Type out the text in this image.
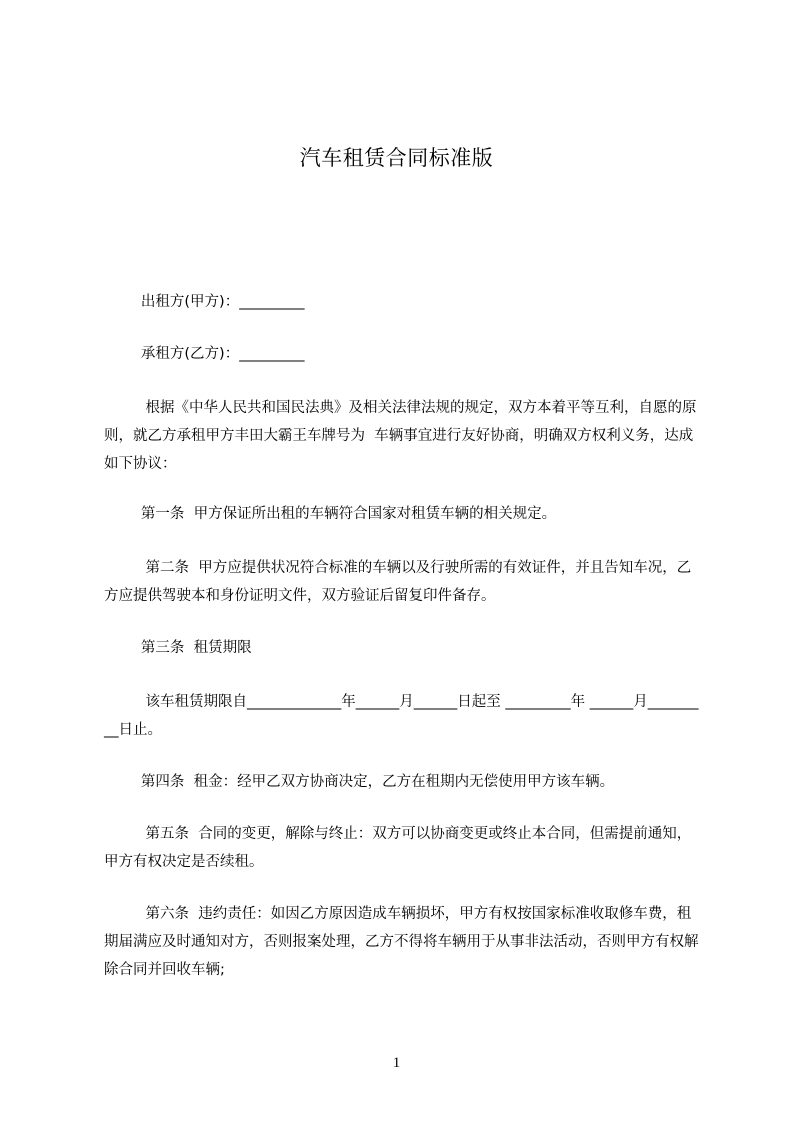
汽车租赁合同标准版
出租方(甲方)：_________
承租方(乙方)：_________
根据《中华人民共和国民法典》及相关法律法规的规定，双方本着平等互利，自愿的原则，就乙方承租甲方丰田大霸王车牌号为  车辆事宜进行友好协商，明确双方权利义务，达成如下协议：
第一条  甲方保证所出租的车辆符合国家对租赁车辆的相关规定。
第二条  甲方应提供状况符合标准的车辆以及行驶所需的有效证件，并且告知车况，乙方应提供驾驶本和身份证明文件，双方验证后留复印件备存。
第三条  租赁期限
该车租赁期限自_____________年______月______日起至 _________年 ______月_________日止。
第四条  租金：经甲乙双方协商决定，乙方在租期内无偿使用甲方该车辆。
第五条  合同的变更，解除与终止：双方可以协商变更或终止本合同，但需提前通知，甲方有权决定是否续租。
第六条  违约责任：如因乙方原因造成车辆损坏，甲方有权按国家标准收取修车费，租期届满应及时通知对方，否则报案处理，乙方不得将车辆用于从事非法活动，否则甲方有权解除合同并回收车辆;
1
